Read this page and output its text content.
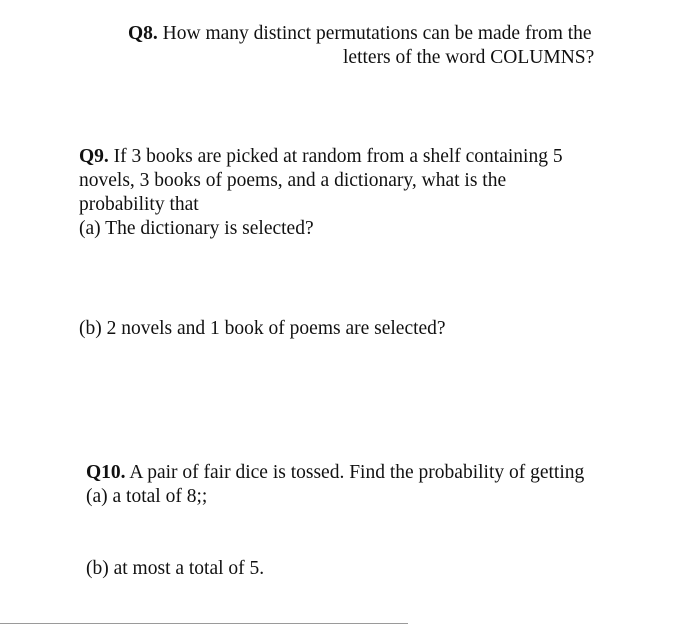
Q8. How many distinct permutations can be made from the
letters of the word COLUMNS?
Q9. If 3 books are picked at random from a shelf containing 5
novels, 3 books of poems, and a dictionary, what is the
probability that
(a) The dictionary is selected?
(b) 2 novels and 1 book of poems are selected?
Q10. A pair of fair dice is tossed. Find the probability of getting
(a) a total of 8;;
(b) at most a total of 5.
